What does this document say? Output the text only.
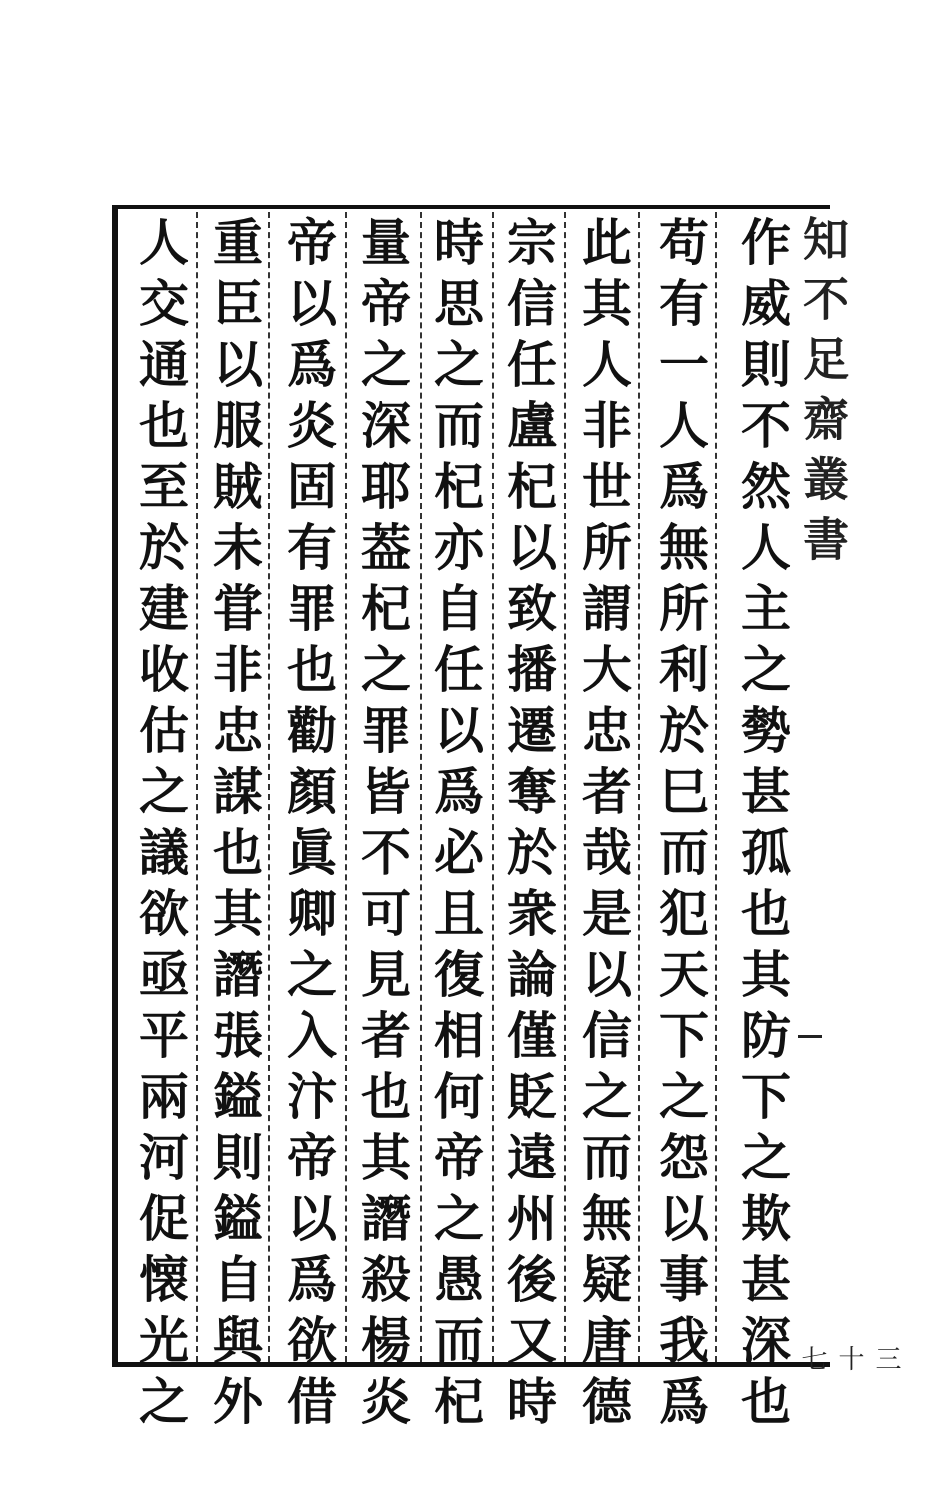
知不足齋叢書
三十七
作威則不然人主之勢甚孤也其防下之欺甚深也
苟有一人爲無所利於巳而犯天下之怨以事我爲
此其人非世所謂大忠者哉是以信之而無疑唐德
宗信任盧杞以致播遷奪於衆論僅貶遠州後又時
時思之而杞亦自任以爲必且復相何帝之愚而杞
量帝之深耶葢杞之罪皆不可見者也其譖殺楊炎
帝以爲炎固有罪也勸顏眞卿之入汴帝以爲欲借
重臣以服賊未甞非忠謀也其譖張鎰則鎰自與外
人交通也至於建收估之議欲亟平兩河促懐光之
